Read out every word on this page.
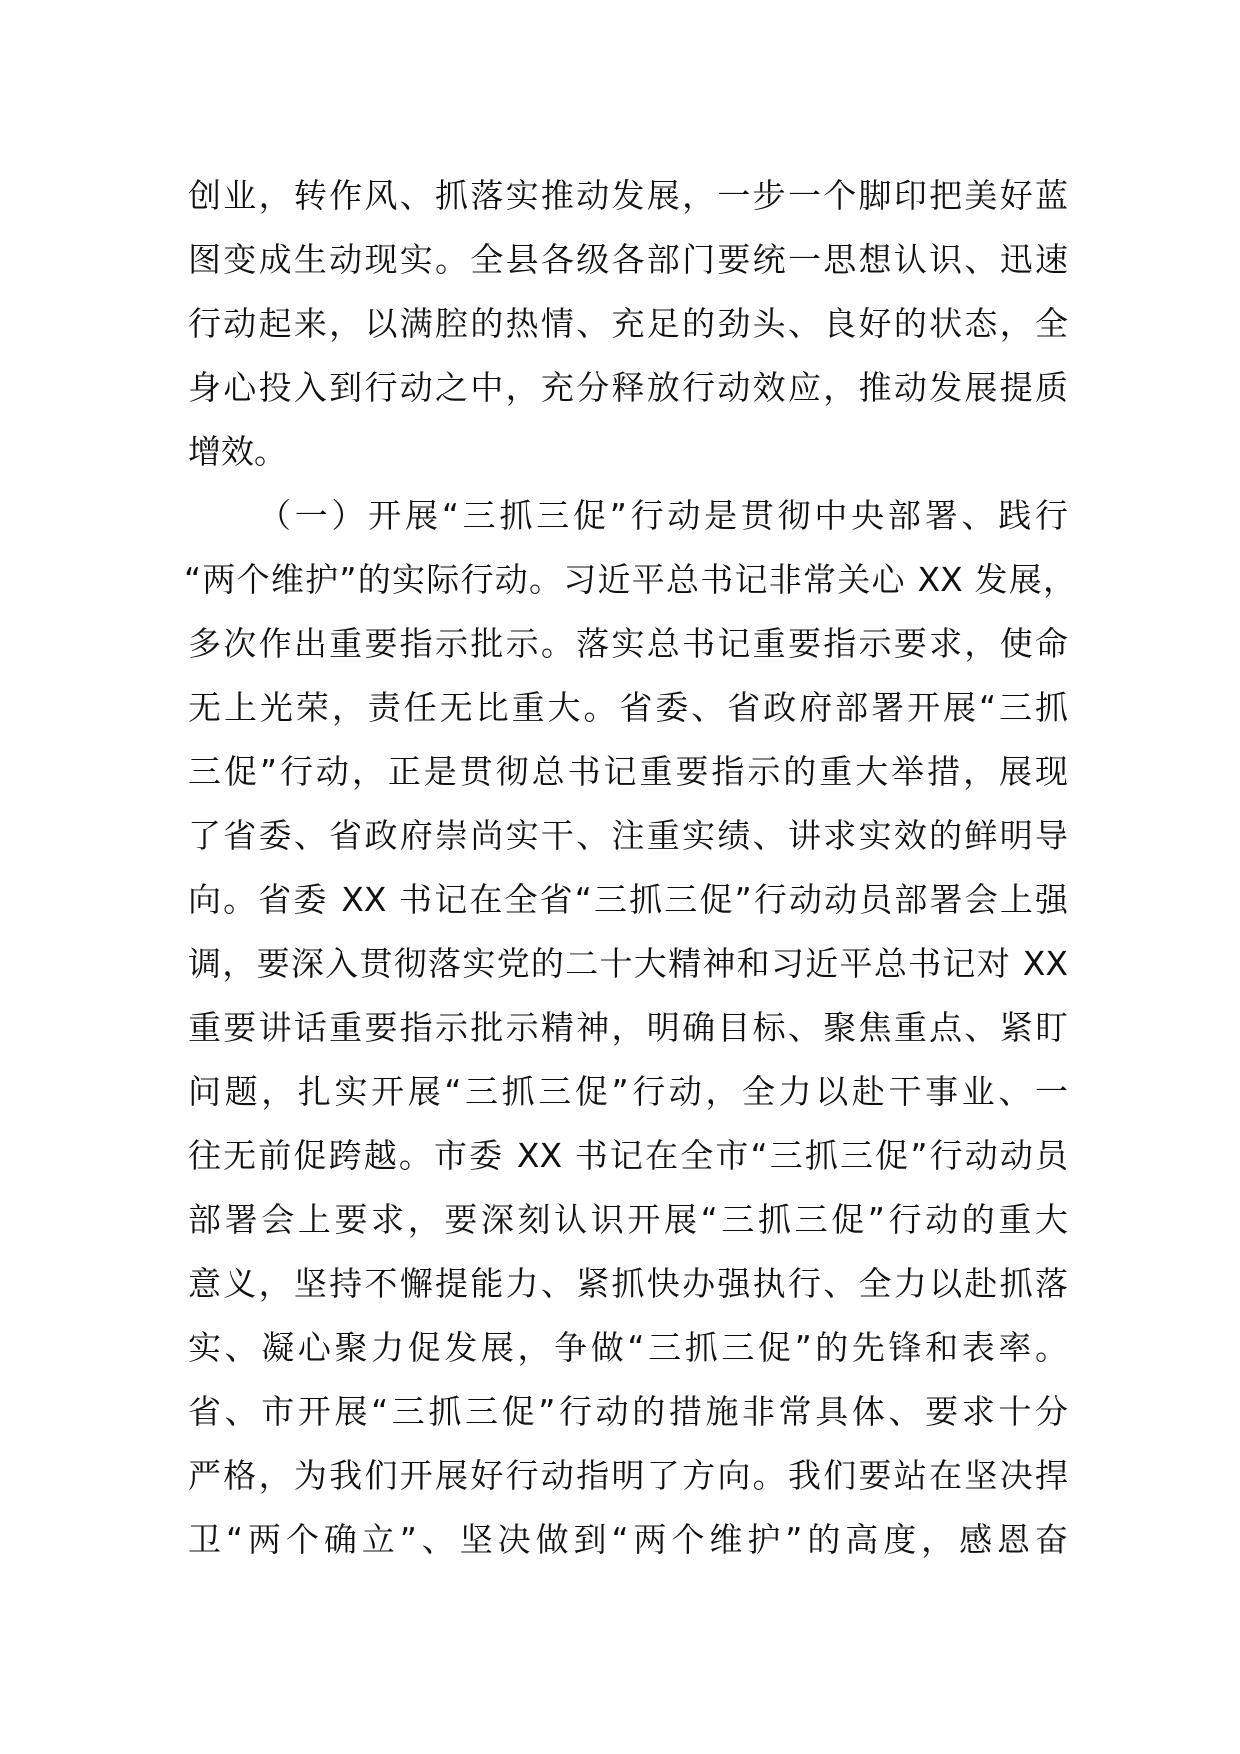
创业，转作风、抓落实推动发展，一步一个脚印把美好蓝
图变成生动现实。全县各级各部门要统一思想认识、迅速
行动起来，以满腔的热情、充足的劲头、良好的状态，全
身心投入到行动之中，充分释放行动效应，推动发展提质
增效。
（一）开展“三抓三促”行动是贯彻中央部署、践行
“两个维护”的实际行动。习近平总书记非常关心 XX 发展，
多次作出重要指示批示。落实总书记重要指示要求，使命
无上光荣，责任无比重大。省委、省政府部署开展“三抓
三促”行动，正是贯彻总书记重要指示的重大举措，展现
了省委、省政府崇尚实干、注重实绩、讲求实效的鲜明导
向。省委 XX 书记在全省“三抓三促”行动动员部署会上强
调，要深入贯彻落实党的二十大精神和习近平总书记对 XX
重要讲话重要指示批示精神，明确目标、聚焦重点、紧盯
问题，扎实开展“三抓三促”行动，全力以赴干事业、一
往无前促跨越。市委 XX 书记在全市“三抓三促”行动动员
部署会上要求，要深刻认识开展“三抓三促”行动的重大
意义，坚持不懈提能力、紧抓快办强执行、全力以赴抓落
实、凝心聚力促发展，争做“三抓三促”的先锋和表率。
省、市开展“三抓三促”行动的措施非常具体、要求十分
严格，为我们开展好行动指明了方向。我们要站在坚决捍
卫“两个确立”、坚决做到“两个维护”的高度，感恩奋
